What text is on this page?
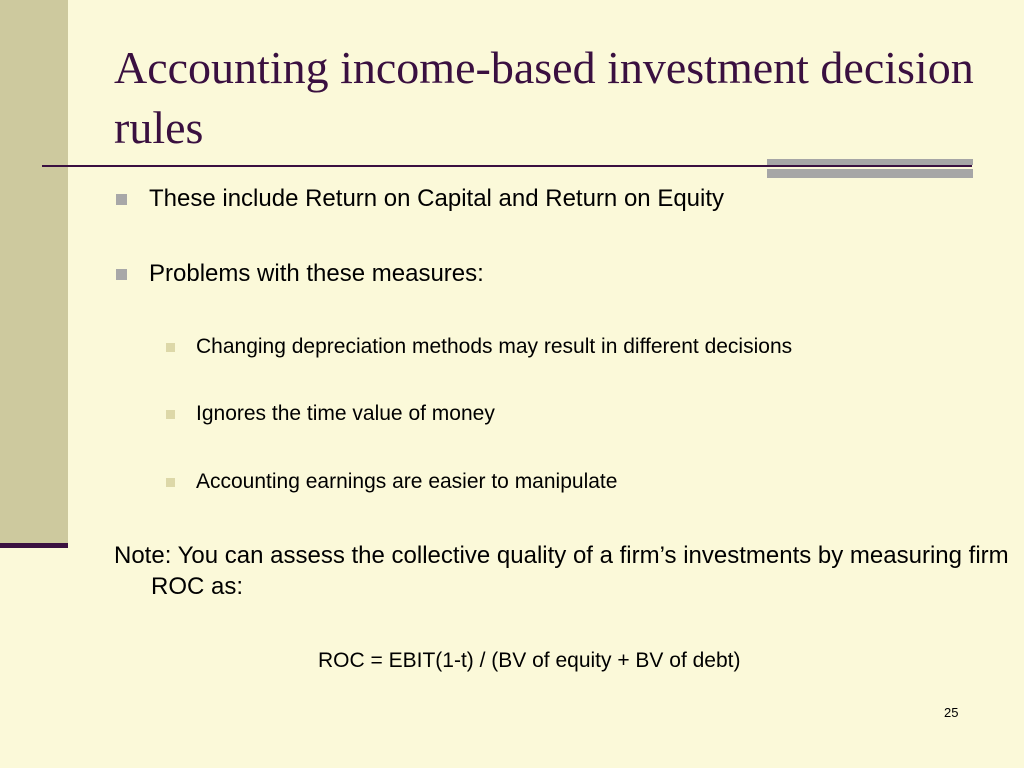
Accounting income-based investment decision rules
These include Return on Capital and Return on Equity
Problems with these measures:
Changing depreciation methods may result in different decisions
Ignores the time value of money
Accounting earnings are easier to manipulate

Note: You can assess the collective quality of a firm’s investments by measuring firm ROC as:

ROC = EBIT(1-t) / (BV of equity + BV of debt)
25
